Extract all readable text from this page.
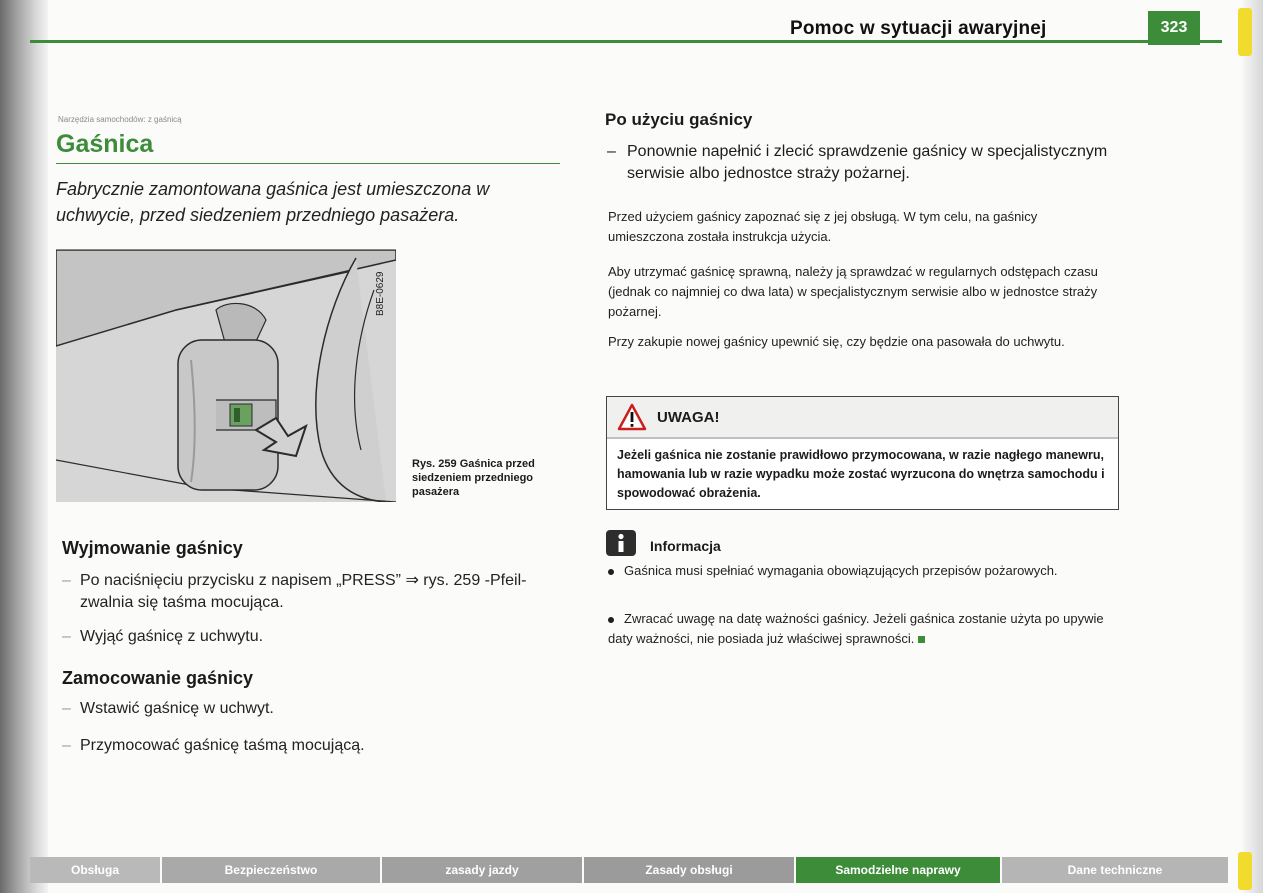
Pomoc w sytuacji awaryjnej	323
Narzędzia samochodów: z gaśnicą
Gaśnica
Fabrycznie zamontowana gaśnica jest umieszczona w uchwycie, przed siedzeniem przedniego pasażera.
B8E-0629
Rys. 259 Gaśnica przed siedzeniem przedniego pasażera
Wyjmowanie gaśnicy
– Po naciśnięciu przycisku z napisem „PRESS” ⇒ rys. 259 -Pfeil- zwalnia się taśma mocująca.
– Wyjąć gaśnicę z uchwytu.
Zamocowanie gaśnicy
– Wstawić gaśnicę w uchwyt.
– Przymocować gaśnicę taśmą mocującą.
Po użyciu gaśnicy
– Ponownie napełnić i zlecić sprawdzenie gaśnicy w specjalistycznym serwisie albo jednostce straży pożarnej.
Przed użyciem gaśnicy zapoznać się z jej obsługą. W tym celu, na gaśnicy umieszczona została instrukcja użycia.
Aby utrzymać gaśnicę sprawną, należy ją sprawdzać w regularnych odstępach czasu (jednak co najmniej co dwa lata) w specjalistycznym serwisie albo w jednostce straży pożarnej.
Przy zakupie nowej gaśnicy upewnić się, czy będzie ona pasowała do uchwytu.
UWAGA!
Jeżeli gaśnica nie zostanie prawidłowo przymocowana, w razie nagłego manewru, hamowania lub w razie wypadku może zostać wyrzucona do wnętrza samochodu i spowodować obrażenia.
Informacja
Gaśnica musi spełniać wymagania obowiązujących przepisów pożarowych.
Zwracać uwagę na datę ważności gaśnicy. Jeżeli gaśnica zostanie użyta po upywie daty ważności, nie posiada już właściwej sprawności.
Obsługa	Bezpieczeństwo	zasady jazdy	Zasady obsługi	Samodzielne naprawy	Dane techniczne
